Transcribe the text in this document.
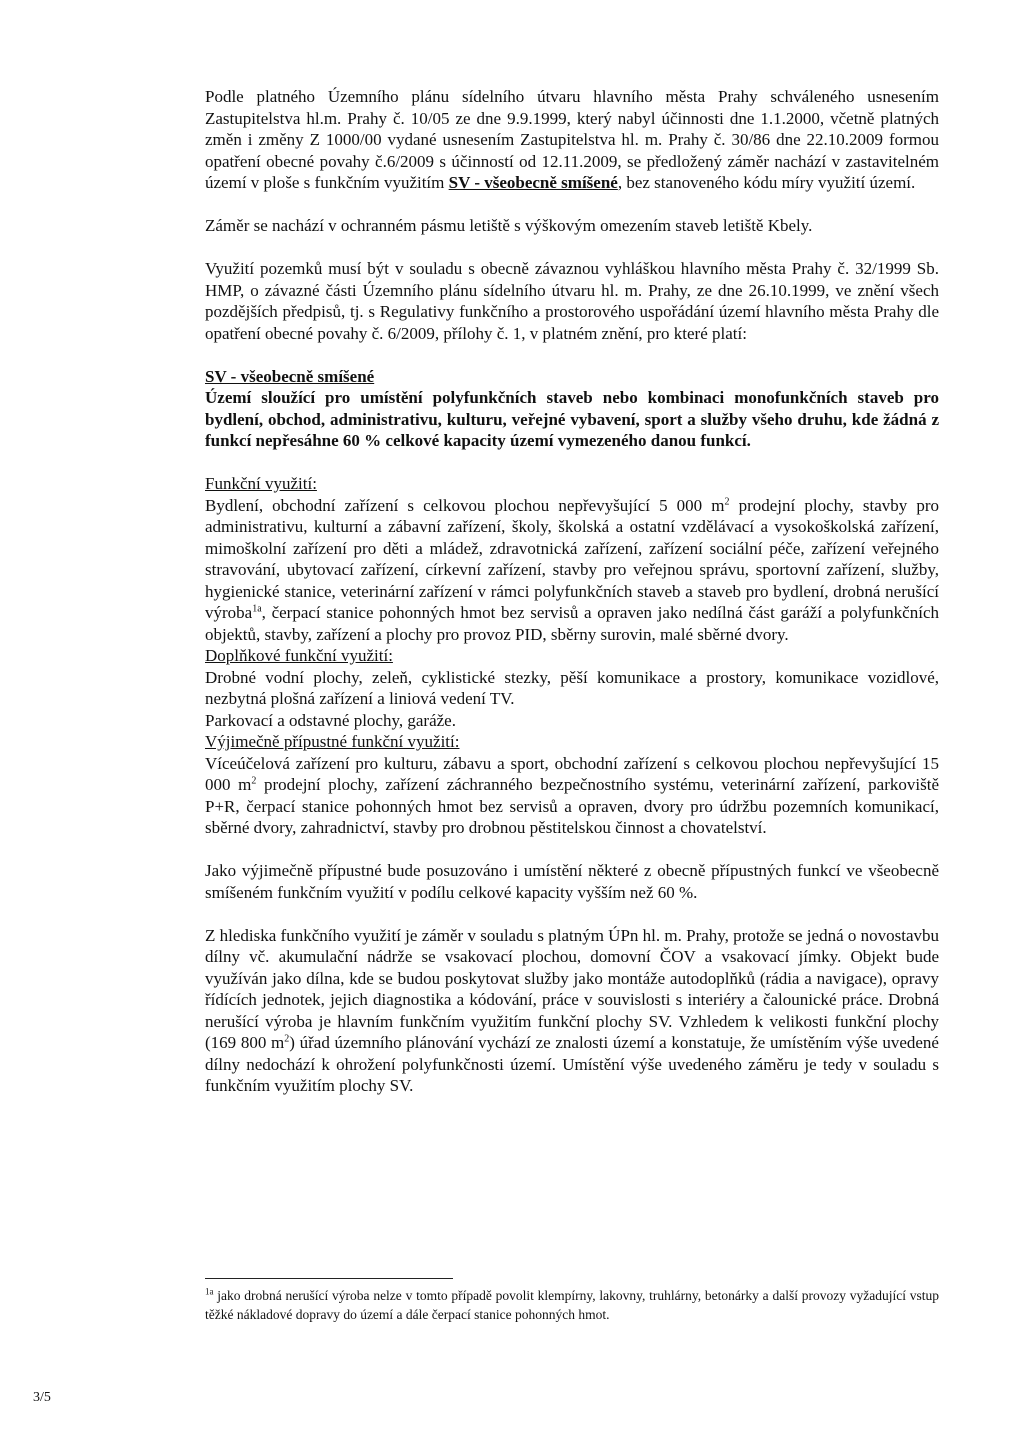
Podle platného Územního plánu sídelního útvaru hlavního města Prahy schváleného usnesením Zastupitelstva hl.m. Prahy č. 10/05 ze dne 9.9.1999, který nabyl účinnosti dne 1.1.2000, včetně platných změn i změny Z 1000/00 vydané usnesením Zastupitelstva hl. m. Prahy č. 30/86 dne 22.10.2009 formou opatření obecné povahy č.6/2009 s účinností od 12.11.2009, se předložený záměr nachází v zastavitelném území v ploše s funkčním využitím SV - všeobecně smíšené, bez stanoveného kódu míry využití území.

Záměr se nachází v ochranném pásmu letiště s výškovým omezením staveb letiště Kbely.

Využití pozemků musí být v souladu s obecně závaznou vyhláškou hlavního města Prahy č. 32/1999 Sb. HMP, o závazné části Územního plánu sídelního útvaru hl. m. Prahy, ze dne 26.10.1999, ve znění všech pozdějších předpisů, tj. s Regulativy funkčního a prostorového uspořádání území hlavního města Prahy dle opatření obecné povahy č. 6/2009, přílohy č. 1, v platném znění, pro které platí:

SV - všeobecně smíšené

Území sloužící pro umístění polyfunkčních staveb nebo kombinaci monofunkčních staveb pro bydlení, obchod, administrativu, kulturu, veřejné vybavení, sport a služby všeho druhu, kde žádná z funkcí nepřesáhne 60 % celkové kapacity území vymezeného danou funkcí.

Funkční využití:

Bydlení, obchodní zařízení s celkovou plochou nepřevyšující 5 000 $m^2$ prodejní plochy, stavby pro administrativu, kulturní a zábavní zařízení, školy, školská a ostatní vzdělávací a vysokoškolská zařízení, mimoškolní zařízení pro děti a mládež, zdravotnická zařízení, zařízení sociální péče, zařízení veřejného stravování, ubytovací zařízení, církevní zařízení, stavby pro veřejnou správu, sportovní zařízení, služby, hygienické stanice, veterinární zařízení v rámci polyfunkčních staveb a staveb pro bydlení, drobná nerušící výroba$^{1a}$, čerpací stanice pohonných hmot bez servisů a opraven jako nedílná část garáží a polyfunkčních objektů, stavby, zařízení a plochy pro provoz PID, sběrny surovin, malé sběrné dvory.

Doplňkové funkční využití:

Drobné vodní plochy, zeleň, cyklistické stezky, pěší komunikace a prostory, komunikace vozidlové, nezbytná plošná zařízení a liniová vedení TV.

Parkovací a odstavné plochy, garáže.

Výjimečně přípustné funkční využití:

Víceúčelová zařízení pro kulturu, zábavu a sport, obchodní zařízení s celkovou plochou nepřevyšující 15 000 $m^2$ prodejní plochy, zařízení záchranného bezpečnostního systému, veterinární zařízení, parkoviště P+R, čerpací stanice pohonných hmot bez servisů a opraven, dvory pro údržbu pozemních komunikací, sběrné dvory, zahradnictví, stavby pro drobnou pěstitelskou činnost a chovatelství.

Jako výjimečně přípustné bude posuzováno i umístění některé z obecně přípustných funkcí ve všeobecně smíšeném funkčním využití v podílu celkové kapacity vyšším než 60 %.

Z hlediska funkčního využití je záměr v souladu s platným ÚPn hl. m. Prahy, protože se jedná o novostavbu dílny vč. akumulační nádrže se vsakovací plochou, domovní ČOV a vsakovací jímky. Objekt bude využíván jako dílna, kde se budou poskytovat služby jako montáže autodoplňků (rádia a navigace), opravy řídících jednotek, jejich diagnostika a kódování, práce v souvislosti s interiéry a čalounické práce. Drobná nerušící výroba je hlavním funkčním využitím funkční plochy SV. Vzhledem k velikosti funkční plochy (169 800 $m^2$) úřad územního plánování vychází ze znalosti území a konstatuje, že umístěním výše uvedené dílny nedochází k ohrožení polyfunkčnosti území. Umístění výše uvedeného záměru je tedy v souladu s funkčním využitím plochy SV.

$^{1a}$ jako drobná nerušící výroba nelze v tomto případě povolit klempírny, lakovny, truhlárny, betonárky a další provozy vyžadující vstup těžké nákladové dopravy do území a dále čerpací stanice pohonných hmot.

3/5
